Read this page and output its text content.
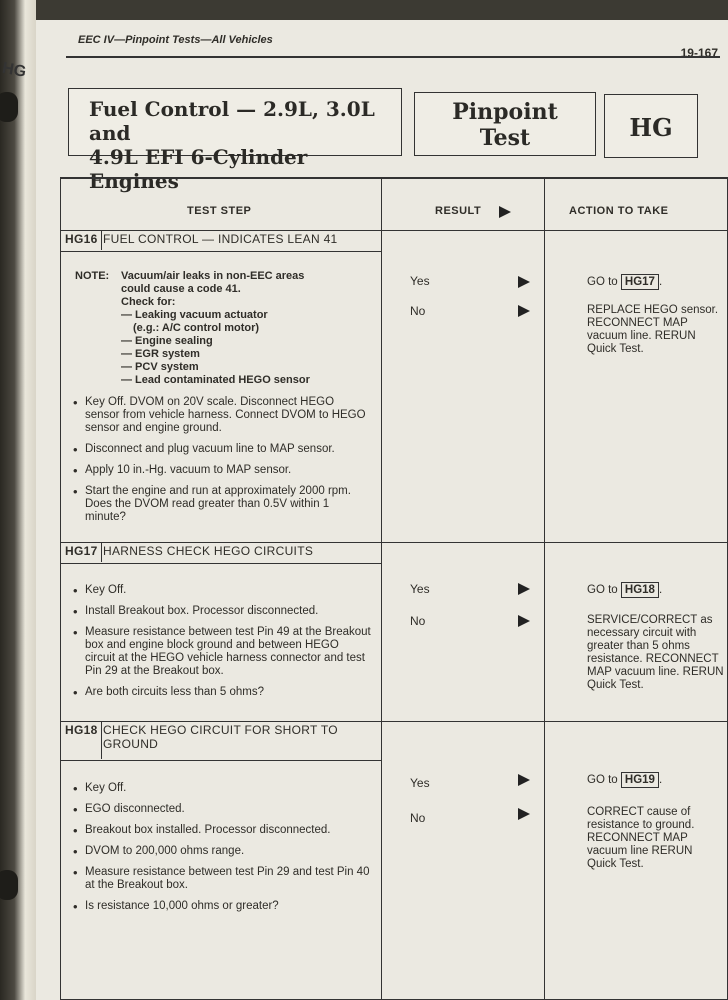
HG
EEC IV—Pinpoint Tests—All Vehicles
19-167
Fuel Control — 2.9L, 3.0L and
4.9L EFI 6-Cylinder Engines
Pinpoint
Test	HG
TEST STEP	RESULT	ACTION TO TAKE
HG16 FUEL CONTROL — INDICATES LEAN 41
NOTE: Vacuum/air leaks in non-EEC areas
could cause a code 41.
Check for:
— Leaking vacuum actuator
(e.g.: A/C control motor)
— Engine sealing
— EGR system
— PCV system
— Lead contaminated HEGO sensor
• Key Off. DVOM on 20V scale. Disconnect HEGO sensor from vehicle harness. Connect DVOM to HEGO sensor and engine ground.
• Disconnect and plug vacuum line to MAP sensor.
• Apply 10 in.-Hg. vacuum to MAP sensor.
• Start the engine and run at approximately 2000 rpm. Does the DVOM read greater than 0.5V within 1 minute?
Yes	GO to HG17 .
No	REPLACE HEGO sensor. RECONNECT MAP vacuum line. RERUN Quick Test.
HG17 HARNESS CHECK HEGO CIRCUITS
• Key Off.
• Install Breakout box. Processor disconnected.
• Measure resistance between test Pin 49 at the Breakout box and engine block ground and between HEGO circuit at the HEGO vehicle harness connector and test Pin 29 at the Breakout box.
• Are both circuits less than 5 ohms?
Yes	GO to HG18 .
No	SERVICE/CORRECT as necessary circuit with greater than 5 ohms resistance. RECONNECT MAP vacuum line. RERUN Quick Test.
HG18 CHECK HEGO CIRCUIT FOR SHORT TO
GROUND
• Key Off.
• EGO disconnected.
• Breakout box installed. Processor disconnected.
• DVOM to 200,000 ohms range.
• Measure resistance between test Pin 29 and test Pin 40 at the Breakout box.
• Is resistance 10,000 ohms or greater?
Yes	GO to HG19 .
No	CORRECT cause of resistance to ground. RECONNECT MAP vacuum line RERUN Quick Test.
